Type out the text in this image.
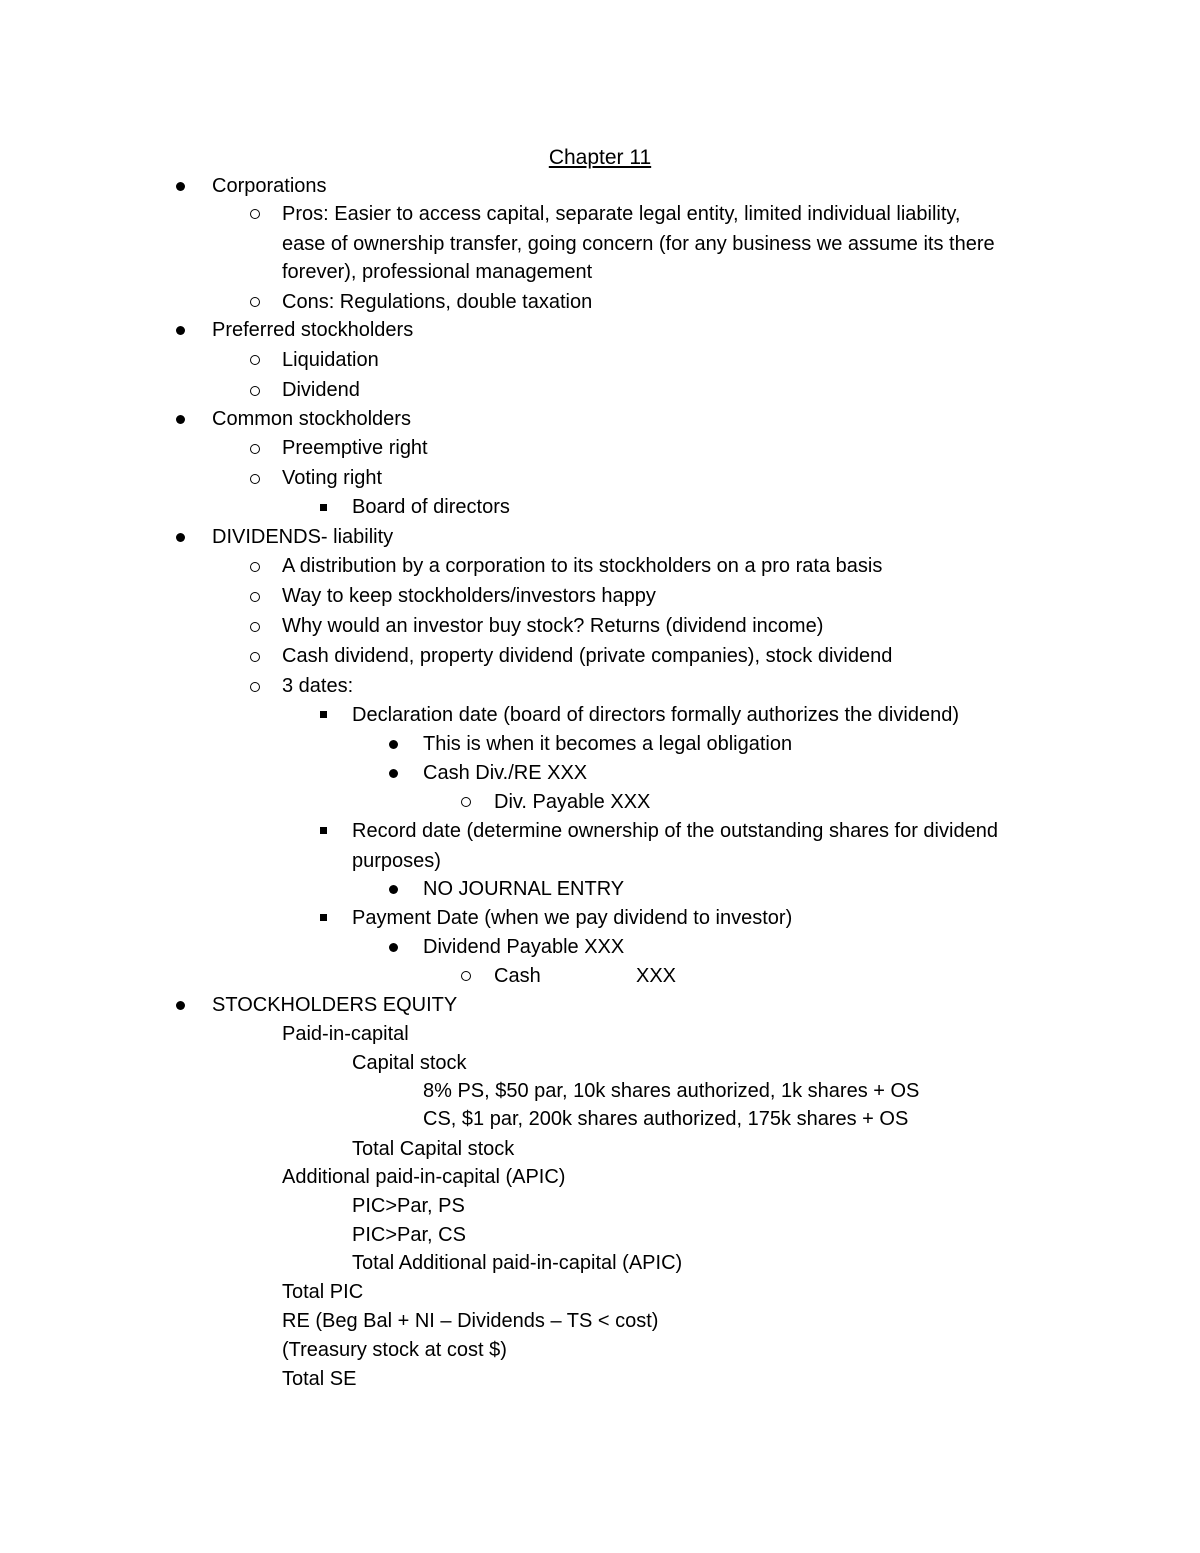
Chapter 11
Corporations
Pros: Easier to access capital, separate legal entity, limited individual liability,
ease of ownership transfer, going concern (for any business we assume its there
forever), professional management
Cons: Regulations, double taxation
Preferred stockholders
Liquidation
Dividend
Common stockholders
Preemptive right
Voting right
Board of directors
DIVIDENDS- liability
A distribution by a corporation to its stockholders on a pro rata basis
Way to keep stockholders/investors happy
Why would an investor buy stock? Returns (dividend income)
Cash dividend, property dividend (private companies), stock dividend
3 dates:
Declaration date (board of directors formally authorizes the dividend)
This is when it becomes a legal obligation
Cash Div./RE XXX
Div. Payable XXX
Record date (determine ownership of the outstanding shares for dividend
purposes)
NO JOURNAL ENTRY
Payment Date (when we pay dividend to investor)
Dividend Payable XXX
Cash	XXX
STOCKHOLDERS EQUITY
Paid-in-capital
Capital stock
8% PS, $50 par, 10k shares authorized, 1k shares + OS
CS, $1 par, 200k shares authorized, 175k shares + OS
Total Capital stock
Additional paid-in-capital (APIC)
PIC>Par, PS
PIC>Par, CS
Total Additional paid-in-capital (APIC)
Total PIC
RE (Beg Bal + NI – Dividends – TS < cost)
(Treasury stock at cost $)
Total SE
